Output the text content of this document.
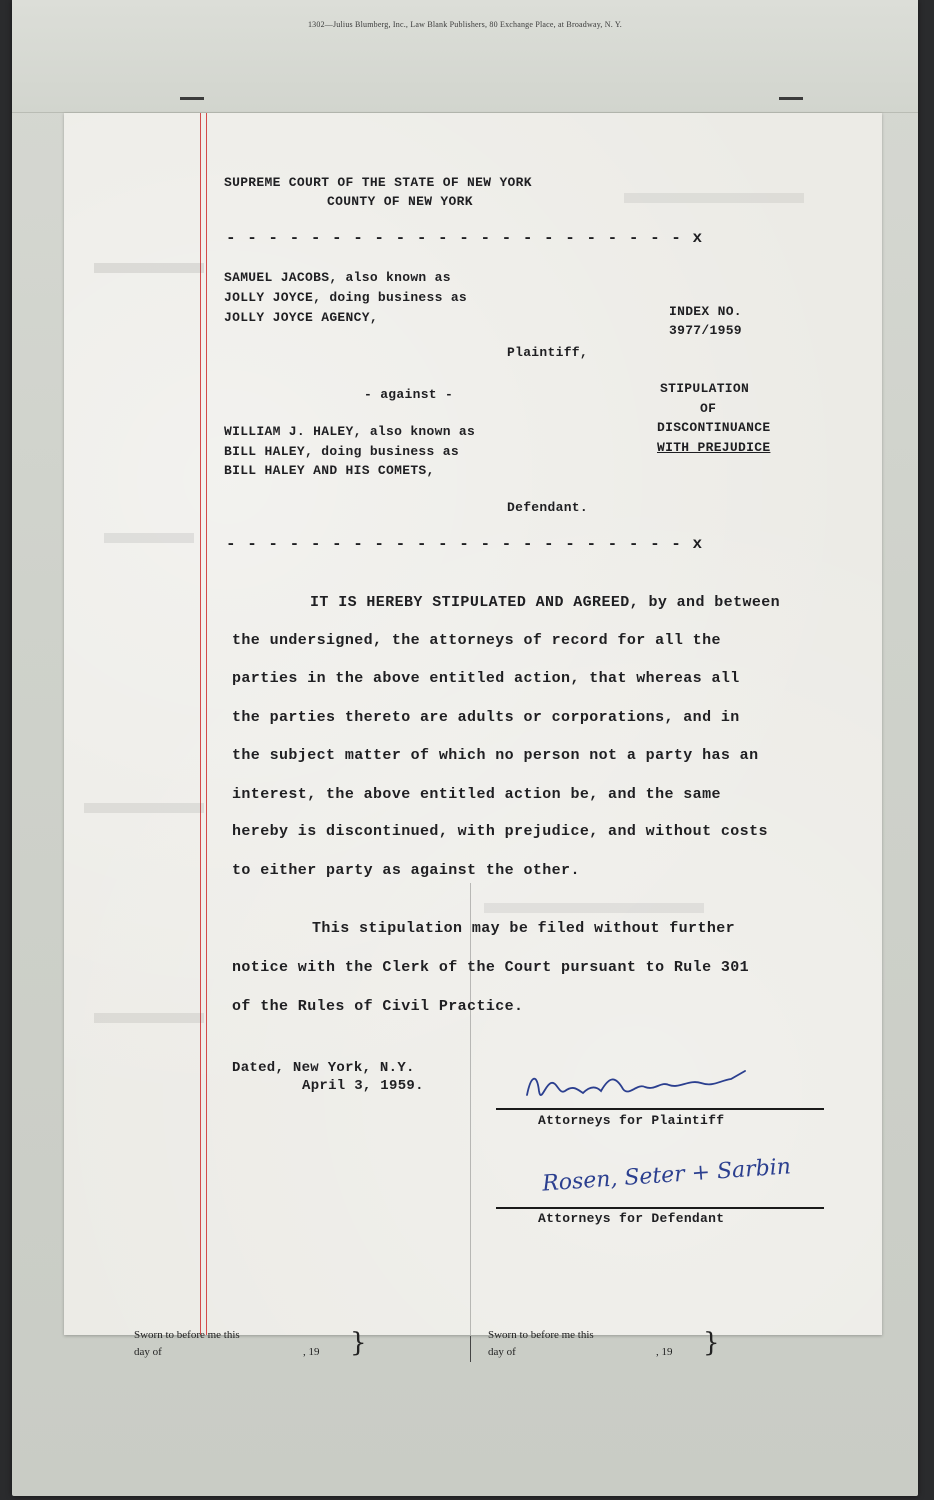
1302—Julius Blumberg, Inc., Law Blank Publishers, 80 Exchange Place, at Broadway, N. Y.
SUPREME COURT OF THE STATE OF NEW YORK
COUNTY OF NEW YORK
- - - - - - - - - - - - - - - - - - - - - - x
SAMUEL JACOBS, also known as
JOLLY JOYCE, doing business as
JOLLY JOYCE AGENCY,
Plaintiff,
INDEX NO.
3977/1959
- against -	STIPULATION
OF
DISCONTINUANCE
WITH PREJUDICE
WILLIAM J. HALEY, also known as
BILL HALEY, doing business as
BILL HALEY AND HIS COMETS,
Defendant.
- - - - - - - - - - - - - - - - - - - - - - x
IT IS HEREBY STIPULATED AND AGREED, by and between
the undersigned, the attorneys of record for all the
parties in the above entitled action, that whereas all
the parties thereto are adults or corporations, and in
the subject matter of which no person not a party has an
interest, the above entitled action be, and the same
hereby is discontinued, with prejudice, and without costs
to either party as against the other.
This stipulation may be filed without further
notice with the Clerk of the Court pursuant to Rule 301
of the Rules of Civil Practice.
Dated, New York, N.Y.
April 3, 1959.
Attorneys for Plaintiff
Rosen, Seter + Sarbin
Attorneys for Defendant
Sworn to before me this
day of	, 19 }	Sworn to before me this
day of	, 19 }
